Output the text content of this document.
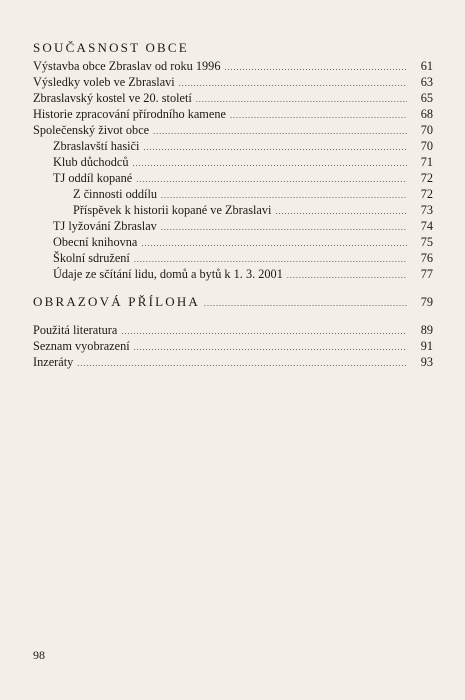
SOUČASNOST OBCE
Výstavba obce Zbraslav od roku 1996 .....	61
Výsledky voleb ve Zbraslavi .....	63
Zbraslavský kostel ve 20. století .....	65
Historie zpracování přírodního kamene .....	68
Společenský život obce .....	70
Zbraslavští hasiči .....	70
Klub důchodců .....	71
TJ oddíl kopané .....	72
Z činnosti oddílu .....	72
Příspěvek k historii kopané ve Zbraslavi .....	73
TJ lyžování Zbraslav .....	74
Obecní knihovna .....	75
Školní sdružení .....	76
Údaje ze sčítání lidu, domů a bytů k 1. 3. 2001 .....	77
OBRAZOVÁ PŘÍLOHA .....	79
Použitá literatura .....	89
Seznam vyobrazení .....	91
Inzeráty .....	93
98
